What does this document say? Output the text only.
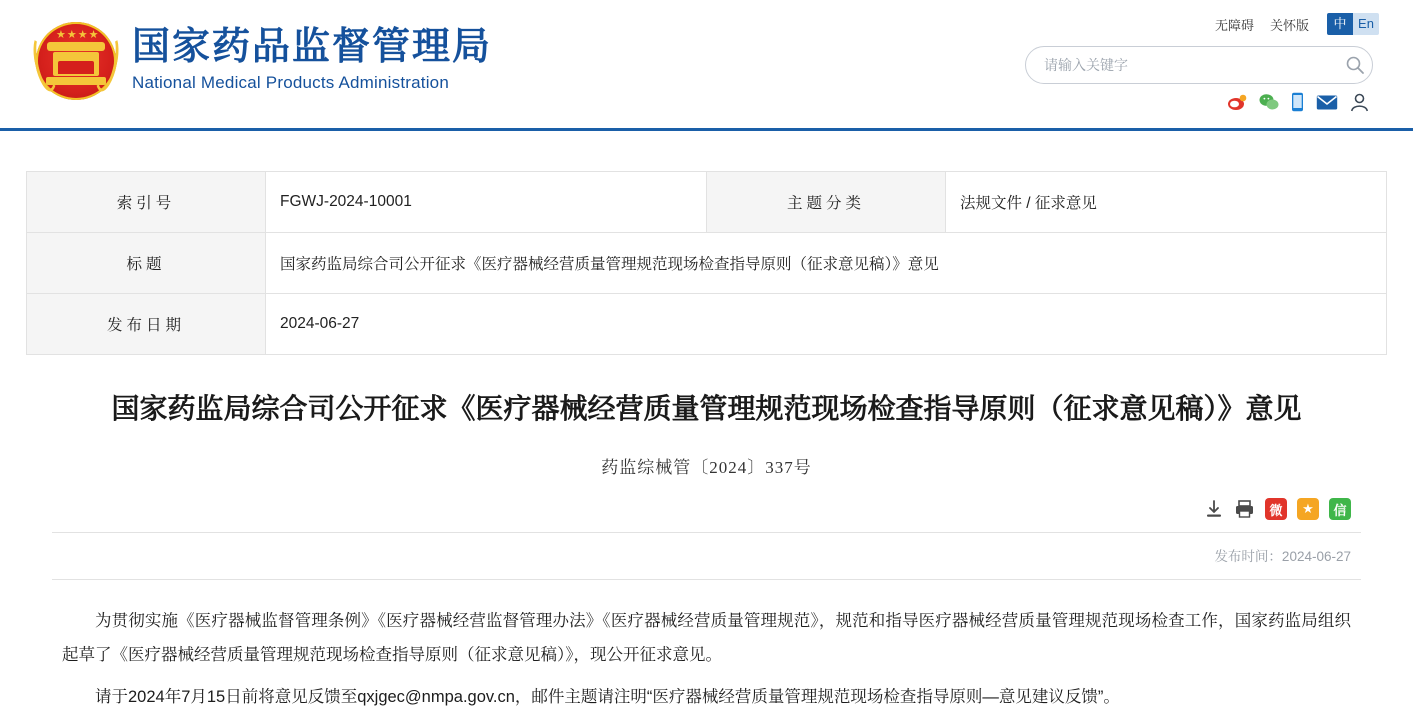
★★★★ 国家药品监督管理局
National Medical Products Administration
无障碍 关怀版	中 En
请输入关键字
索引号	FGWJ-2024-10001	主题分类	法规文件 / 征求意见
标题	国家药监局综合司公开征求《医疗器械经营质量管理规范现场检查指导原则（征求意见稿）》意见		
发布日期	2024-06-27		
国家药监局综合司公开征求《医疗器械经营质量管理规范现场检查指导原则（征求意见稿）》意见
药监综械管〔2024〕337号
微	★	信
发布时间：2024-06-27

为贯彻实施《医疗器械监督管理条例》《医疗器械经营监督管理办法》《医疗器械经营质量管理规范》，规范和指导医疗器械经营质量管理规范现场检查工作，国家药监局组织起草了《医疗器械经营质量管理规范现场检查指导原则（征求意见稿）》，现公开征求意见。

请于2024年7月15日前将意见反馈至qxjgec@nmpa.gov.cn，邮件主题请注明“医疗器械经营质量管理规范现场检查指导原则—意见建议反馈”。
